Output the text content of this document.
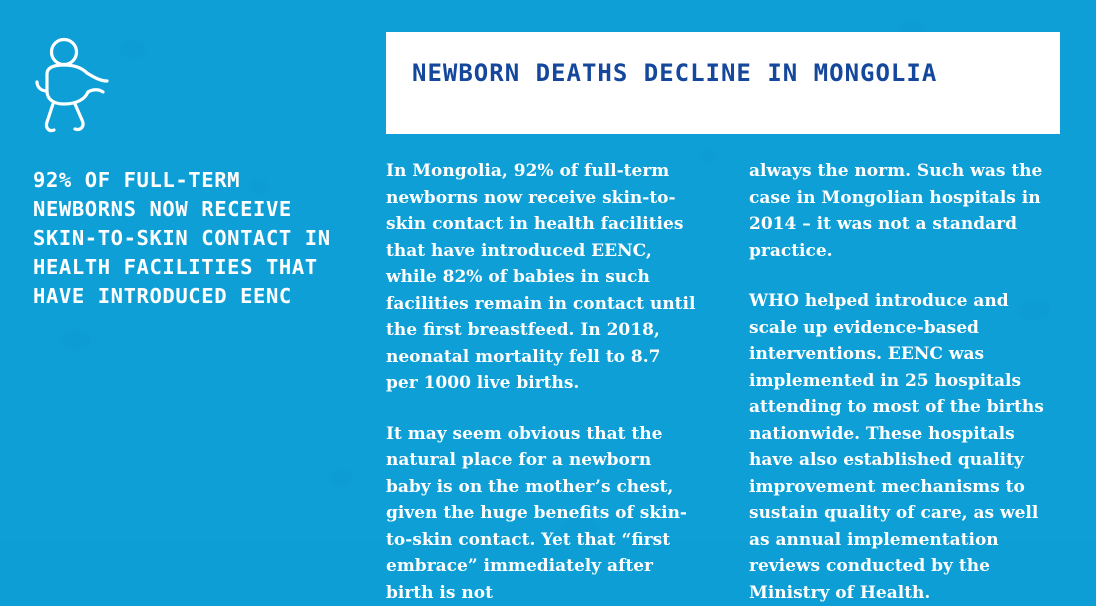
92% OF FULL-TERM NEWBORNS NOW RECEIVE SKIN-TO-SKIN CONTACT IN HEALTH FACILITIES THAT HAVE INTRODUCED EENC
NEWBORN DEATHS DECLINE IN MONGOLIA

In Mongolia, 92% of full-term newborns now receive skin-to-skin contact in health facilities that have introduced EENC, while 82% of babies in such facilities remain in contact until the first breastfeed. In 2018, neonatal mortality fell to 8.7 per 1000 live births.

It may seem obvious that the natural place for a newborn baby is on the mother’s chest, given the huge benefits of skin-to-skin contact. Yet that “first embrace” immediately after birth is not

always the norm. Such was the case in Mongolian hospitals in 2014 – it was not a standard practice.

WHO helped introduce and scale up evidence-based interventions. EENC was implemented in 25 hospitals attending to most of the births nationwide. These hospitals have also established quality improvement mechanisms to sustain quality of care, as well as annual implementation reviews conducted by the Ministry of Health.
